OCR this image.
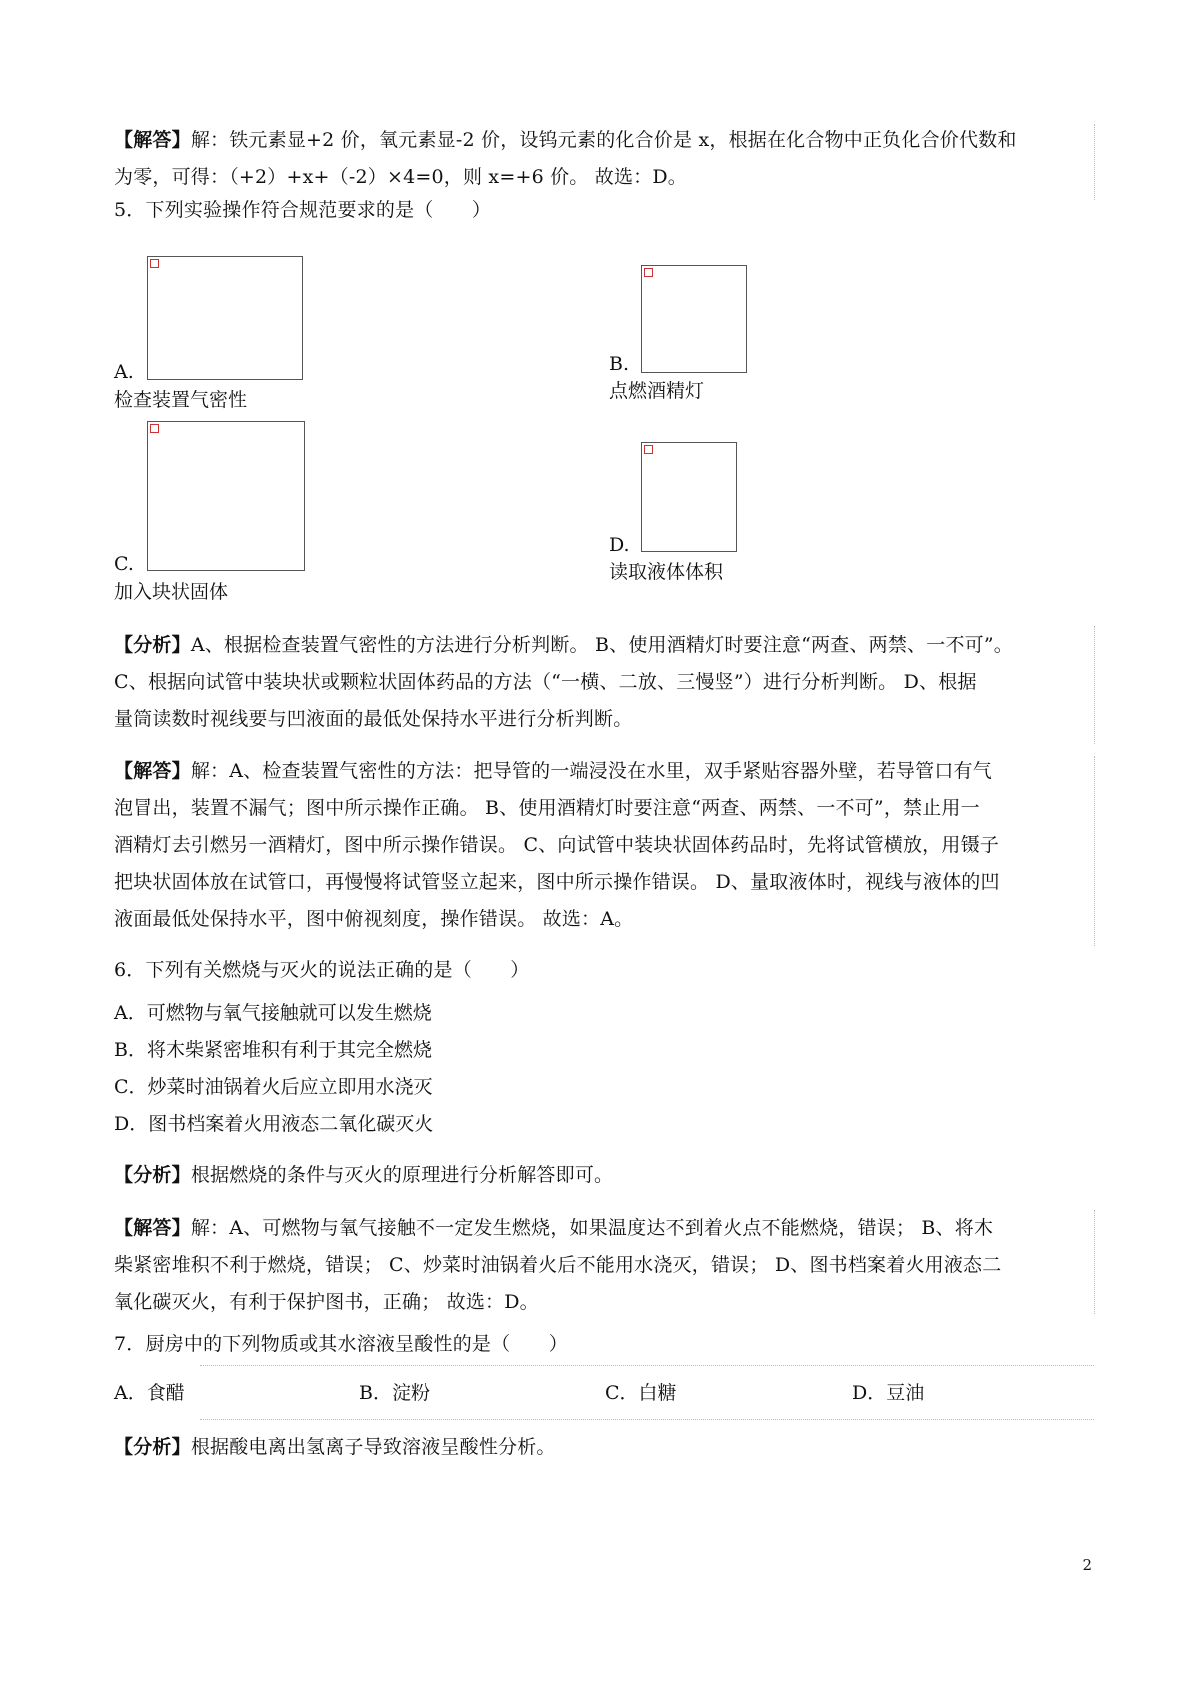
【解答】解：铁元素显+2 价，氧元素显-2 价，设钨元素的化合价是 x，根据在化合物中正负化合价代数和
为零，可得：（+2）+x+（-2）×4=0，则 x=+6 价。 故选：D。
5．下列实验操作符合规范要求的是（　　）
A.
检查装置气密性
B.
点燃酒精灯
C.
加入块状固体
D.
读取液体体积
【分析】A、根据检查装置气密性的方法进行分析判断。 B、使用酒精灯时要注意“两查、两禁、一不可”。
C、根据向试管中装块状或颗粒状固体药品的方法（“一横、二放、三慢竖”）进行分析判断。 D、根据
量筒读数时视线要与凹液面的最低处保持水平进行分析判断。
【解答】解：A、检查装置气密性的方法：把导管的一端浸没在水里，双手紧贴容器外壁，若导管口有气
泡冒出，装置不漏气；图中所示操作正确。 B、使用酒精灯时要注意“两查、两禁、一不可”，禁止用一
酒精灯去引燃另一酒精灯，图中所示操作错误。 C、向试管中装块状固体药品时，先将试管横放，用镊子
把块状固体放在试管口，再慢慢将试管竖立起来，图中所示操作错误。 D、量取液体时，视线与液体的凹
液面最低处保持水平，图中俯视刻度，操作错误。 故选：A。
6．下列有关燃烧与灭火的说法正确的是（　　）
A．可燃物与氧气接触就可以发生燃烧
B．将木柴紧密堆积有利于其完全燃烧
C．炒菜时油锅着火后应立即用水浇灭
D．图书档案着火用液态二氧化碳灭火
【分析】根据燃烧的条件与灭火的原理进行分析解答即可。
【解答】解：A、可燃物与氧气接触不一定发生燃烧，如果温度达不到着火点不能燃烧，错误； B、将木
柴紧密堆积不利于燃烧，错误； C、炒菜时油锅着火后不能用水浇灭，错误； D、图书档案着火用液态二
氧化碳灭火，有利于保护图书，正确； 故选：D。
7．厨房中的下列物质或其水溶液呈酸性的是（　　）
A．食醋	B．淀粉	C．白糖	D．豆油
【分析】根据酸电离出氢离子导致溶液呈酸性分析。
2
